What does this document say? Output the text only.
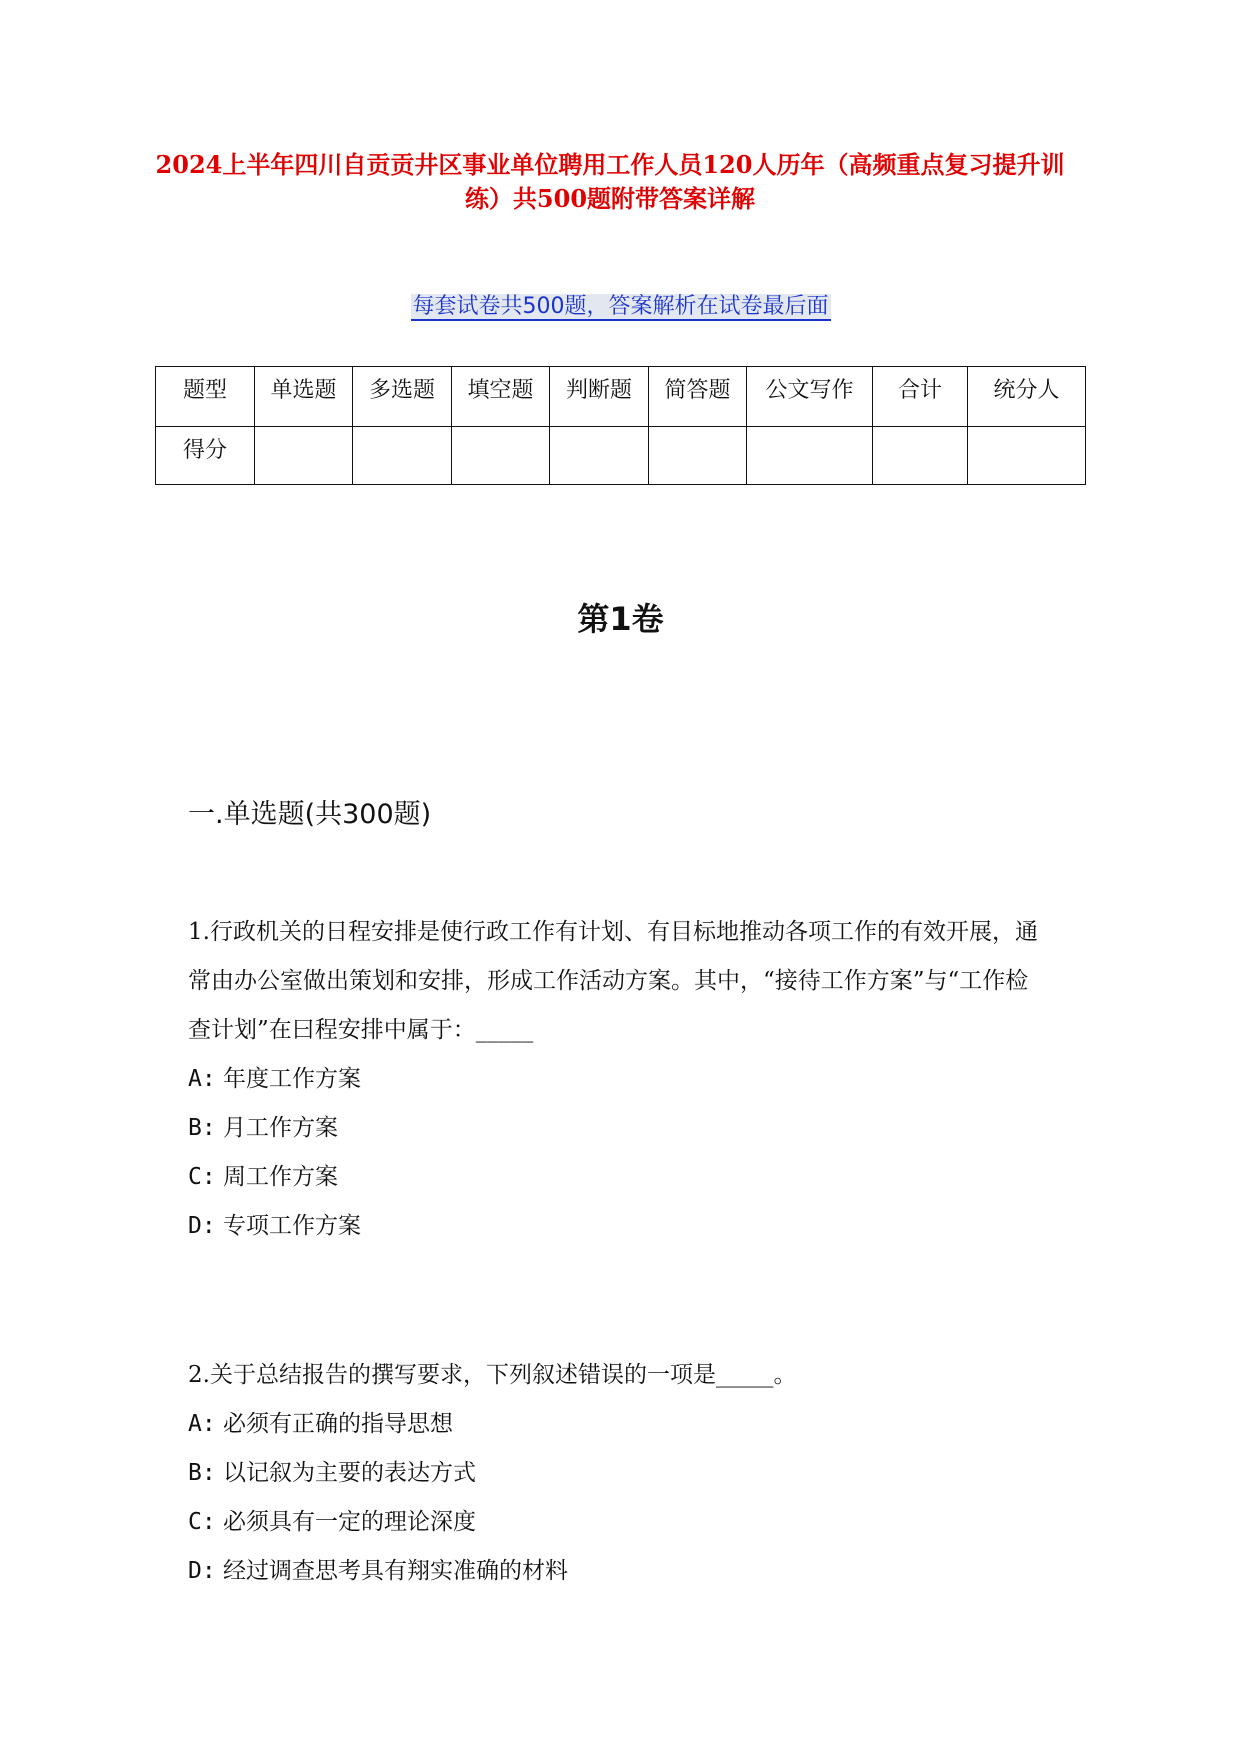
2024上半年四川自贡贡井区事业单位聘用工作人员120人历年（高频重点复习提升训练）共500题附带答案详解
每套试卷共500题，答案解析在试卷最后面
题型	单选题	多选题	填空题	判断题	简答题	公文写作	合计	统分人
得分								
第1卷
一.单选题(共300题)

1.行政机关的日程安排是使行政工作有计划、有目标地推动各项工作的有效开展，通常由办公室做出策划和安排，形成工作活动方案。其中，“接待工作方案”与“工作检查计划”在曰程安排中属于：_____

A: 年度工作方案

B: 月工作方案

C: 周工作方案

D: 专项工作方案

2.关于总结报告的撰写要求，下列叙述错误的一项是_____。

A: 必须有正确的指导思想

B: 以记叙为主要的表达方式

C: 必须具有一定的理论深度

D: 经过调查思考具有翔实准确的材料
